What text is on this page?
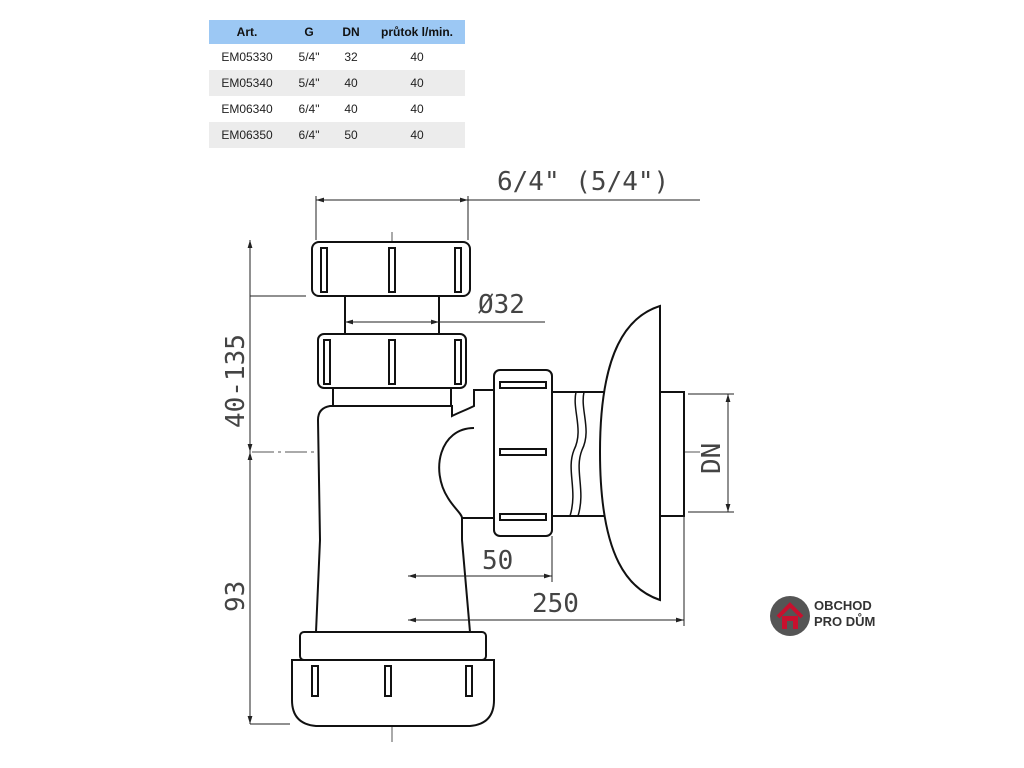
Art.	G	DN	průtok l/min.
EM05330	5/4"	32	40
EM05340	5/4"	40	40
EM06340	6/4"	40	40
EM06350	6/4"	50	40
6/4" (5/4")
Ø32
40-135
93
DN
50
250	OBCHOD
PRO DŮM
